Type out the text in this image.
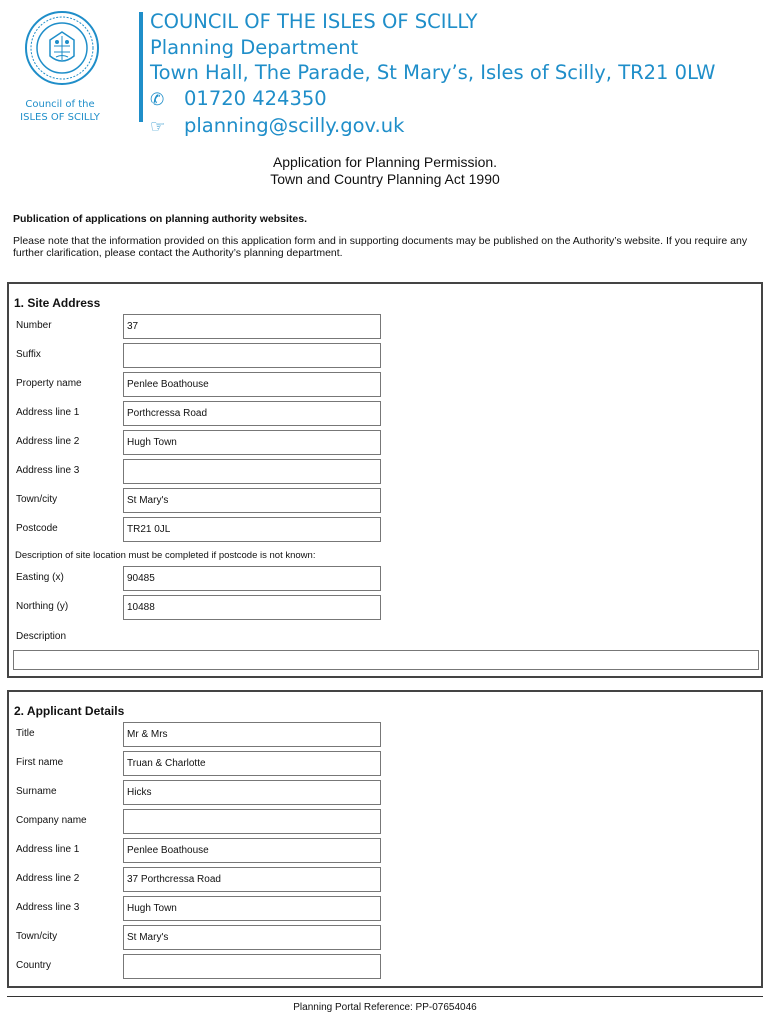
Council of the
ISLES OF SCILLY
COUNCIL OF THE ISLES OF SCILLY
Planning Department
Town Hall, The Parade, St Mary’s, Isles of Scilly, TR21 0LW
✆ 01720 424350
☞ planning@scilly.gov.uk
Application for Planning Permission.
Town and Country Planning Act 1990
Publication of applications on planning authority websites.
Please note that the information provided on this application form and in supporting documents may be published on the Authority’s website. If you require any further clarification, please contact the Authority’s planning department.
1. Site Address
Number	37
Suffix
Property name	Penlee Boathouse
Address line 1	Porthcressa Road
Address line 2	Hugh Town
Address line 3
Town/city	St Mary's
Postcode	TR21 0JL
Description of site location must be completed if postcode is not known:
Easting (x)	90485
Northing (y)	10488
Description
2. Applicant Details
Title	Mr & Mrs
First name	Truan & Charlotte
Surname	Hicks
Company name
Address line 1	Penlee Boathouse
Address line 2	37 Porthcressa Road
Address line 3	Hugh Town
Town/city	St Mary's
Country
Planning Portal Reference: PP-07654046
